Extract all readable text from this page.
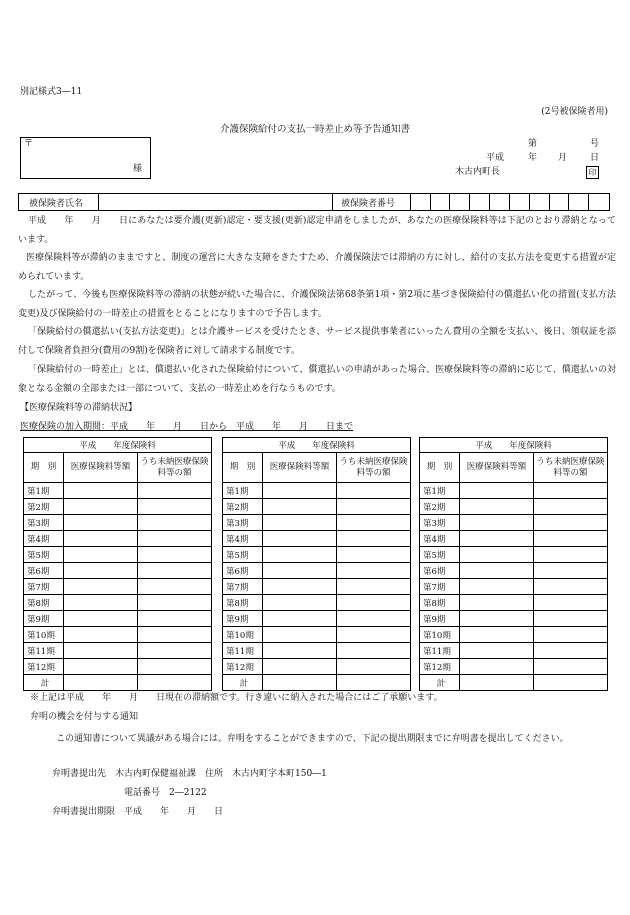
別記様式3―11
(2号被保険者用)
介護保険給付の支払一時差止め等予告通知書
〒
様
第	号
平成	年 月	日
木古内町長	印
被保険者氏名	被保険者番号
平成　　年　　月　　日にあなたは要介護(更新)認定・要支援(更新)認定申請をしましたが、あなたの医療保険料等は下記のとおり滞納となっています。
医療保険料等が滞納のままですと、制度の運営に大きな支障をきたすため、介護保険法では滞納の方に対し、給付の支払方法を変更する措置が定められています。
したがって、今後も医療保険料等の滞納の状態が続いた場合に、介護保険法第68条第1項・第2項に基づき保険給付の償還払い化の措置(支払方法変更)及び保険給付の一時差止の措置をとることになりますので予告します。
「保険給付の償還払い(支払方法変更)」とは介護サービスを受けたとき、サービス提供事業者にいったん費用の全額を支払い、後日、領収証を添付して保険者負担分(費用の9割)を保険者に対して請求する制度です。
「保険給付の一時差止」とは、償還払い化された保険給付について、償還払いの申請があった場合、医療保険料等の滞納に応じて、償還払いの対象となる金額の全部または一部について、支払の一時差止めを行なうものです。
【医療保険料等の滞納状況】
医療保険の加入期間：平成　　年　　月　　日から　平成　　年　　月　　日まで
平成　　年度保険料		
期　別	医療保険料等額	うち未納医療保険料等の額
第1期		
第2期		
第3期		
第4期		
第5期		
第6期		
第7期		
第8期		
第9期		
第10期		
第11期		
第12期		
計		
平成　　年度保険料		
期　別	医療保険料等額	うち未納医療保険料等の額
第1期		
第2期		
第3期		
第4期		
第5期		
第6期		
第7期		
第8期		
第9期		
第10期		
第11期		
第12期		
計		
平成　　年度保険料		
期　別	医療保険料等額	うち未納医療保険料等の額
第1期		
第2期		
第3期		
第4期		
第5期		
第6期		
第7期		
第8期		
第9期		
第10期		
第11期		
第12期		
計		
※上記は平成　　年　　月　　日現在の滞納額です。行き違いに納入された場合にはご了承願います。
弁明の機会を付与する通知
この通知書について異議がある場合には、弁明をすることができますので、下記の提出期限までに弁明書を提出してください。
弁明書提出先　木古内町保健福祉課　住所　木古内町字本町150―1
電話番号　2―2122
弁明書提出期限　平成　　年　　月　　日
